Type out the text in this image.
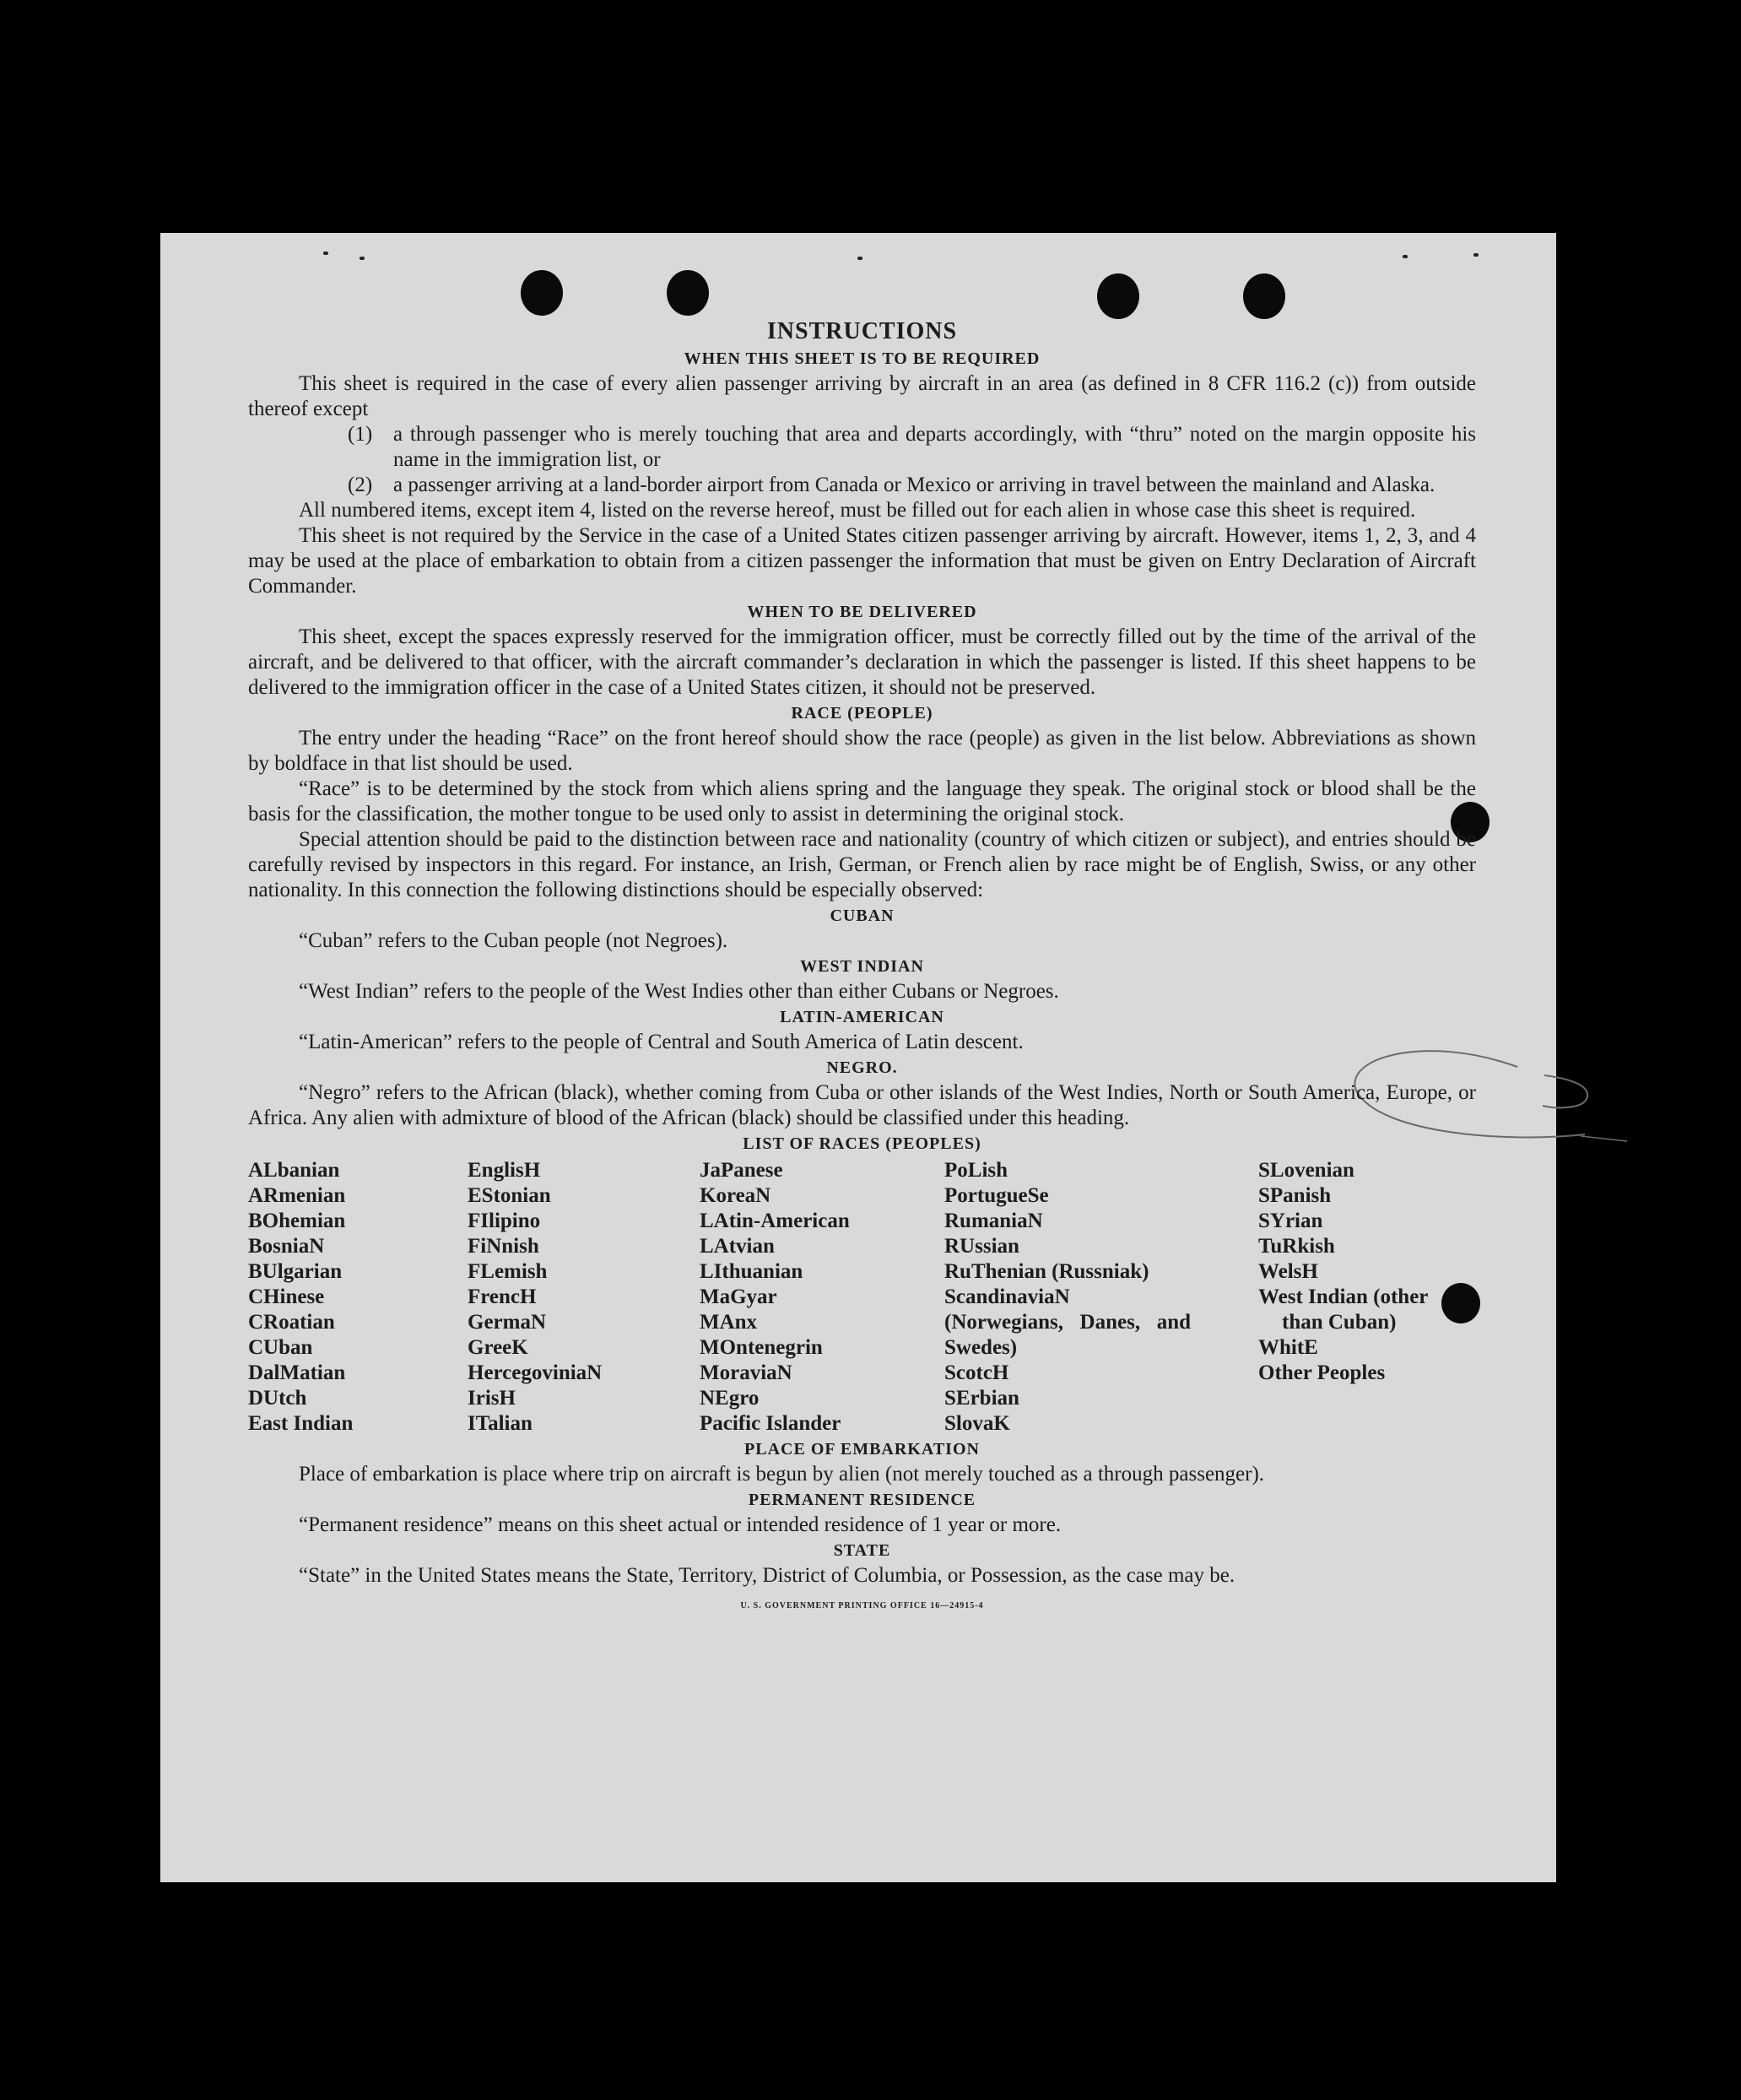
INSTRUCTIONS
WHEN THIS SHEET IS TO BE REQUIRED

This sheet is required in the case of every alien passenger arriving by aircraft in an area (as defined in 8 CFR 116.2 (c)) from outside thereof except

(1) a through passenger who is merely touching that area and departs accordingly, with “thru” noted on the margin opposite his name in the immigration list, or
(2) a passenger arriving at a land-border airport from Canada or Mexico or arriving in travel between the mainland and Alaska.

All numbered items, except item 4, listed on the reverse hereof, must be filled out for each alien in whose case this sheet is required.

This sheet is not required by the Service in the case of a United States citizen passenger arriving by aircraft. However, items 1, 2, 3, and 4 may be used at the place of embarkation to obtain from a citizen passenger the information that must be given on Entry Declaration of Aircraft Commander.

WHEN TO BE DELIVERED

This sheet, except the spaces expressly reserved for the immigration officer, must be correctly filled out by the time of the arrival of the aircraft, and be delivered to that officer, with the aircraft commander’s declaration in which the passenger is listed. If this sheet happens to be delivered to the immigration officer in the case of a United States citizen, it should not be preserved.

RACE (PEOPLE)

The entry under the heading “Race” on the front hereof should show the race (people) as given in the list below. Abbreviations as shown by boldface in that list should be used.

“Race” is to be determined by the stock from which aliens spring and the language they speak. The original stock or blood shall be the basis for the classification, the mother tongue to be used only to assist in determining the original stock.

Special attention should be paid to the distinction between race and nationality (country of which citizen or subject), and entries should be carefully revised by inspectors in this regard. For instance, an Irish, German, or French alien by race might be of English, Swiss, or any other nationality. In this connection the following distinctions should be especially observed:

CUBAN

“Cuban” refers to the Cuban people (not Negroes).

WEST INDIAN

“West Indian” refers to the people of the West Indies other than either Cubans or Negroes.

LATIN-AMERICAN

“Latin-American” refers to the people of Central and South America of Latin descent.

NEGRO.

“Negro” refers to the African (black), whether coming from Cuba or other islands of the West Indies, North or South America, Europe, or Africa. Any alien with admixture of blood of the African (black) should be classified under this heading.

LIST OF RACES (PEOPLES)
ALbanian
ARmenian
BOhemian
BosniaN
BUlgarian
CHinese
CRoatian
CUban
DalMatian
DUtch
East Indian
EnglisH
EStonian
FIlipino
FiNnish
FLemish
FrencH
GermaN
GreeK
HercegoviniaN
IrisH
ITalian
JaPanese
KoreaN
LAtin-American
LAtvian
LIthuanian
MaGyar
MAnx
MOntenegrin
MoraviaN
NEgro
Pacific Islander
PoLish
PortugueSe
RumaniaN
RUssian
RuThenian (Russniak)
ScandinaviaN (Norwegians, Danes, and Swedes)
ScotcH
SErbian
SlovaK
SLovenian
SPanish
SYrian
TuRkish
WelsH
West Indian (other
than Cuban)
WhitE
Other Peoples
PLACE OF EMBARKATION

Place of embarkation is place where trip on aircraft is begun by alien (not merely touched as a through passenger).

PERMANENT RESIDENCE

“Permanent residence” means on this sheet actual or intended residence of 1 year or more.

STATE

“State” in the United States means the State, Territory, District of Columbia, or Possession, as the case may be.

U. S. GOVERNMENT PRINTING OFFICE 16—24915-4
